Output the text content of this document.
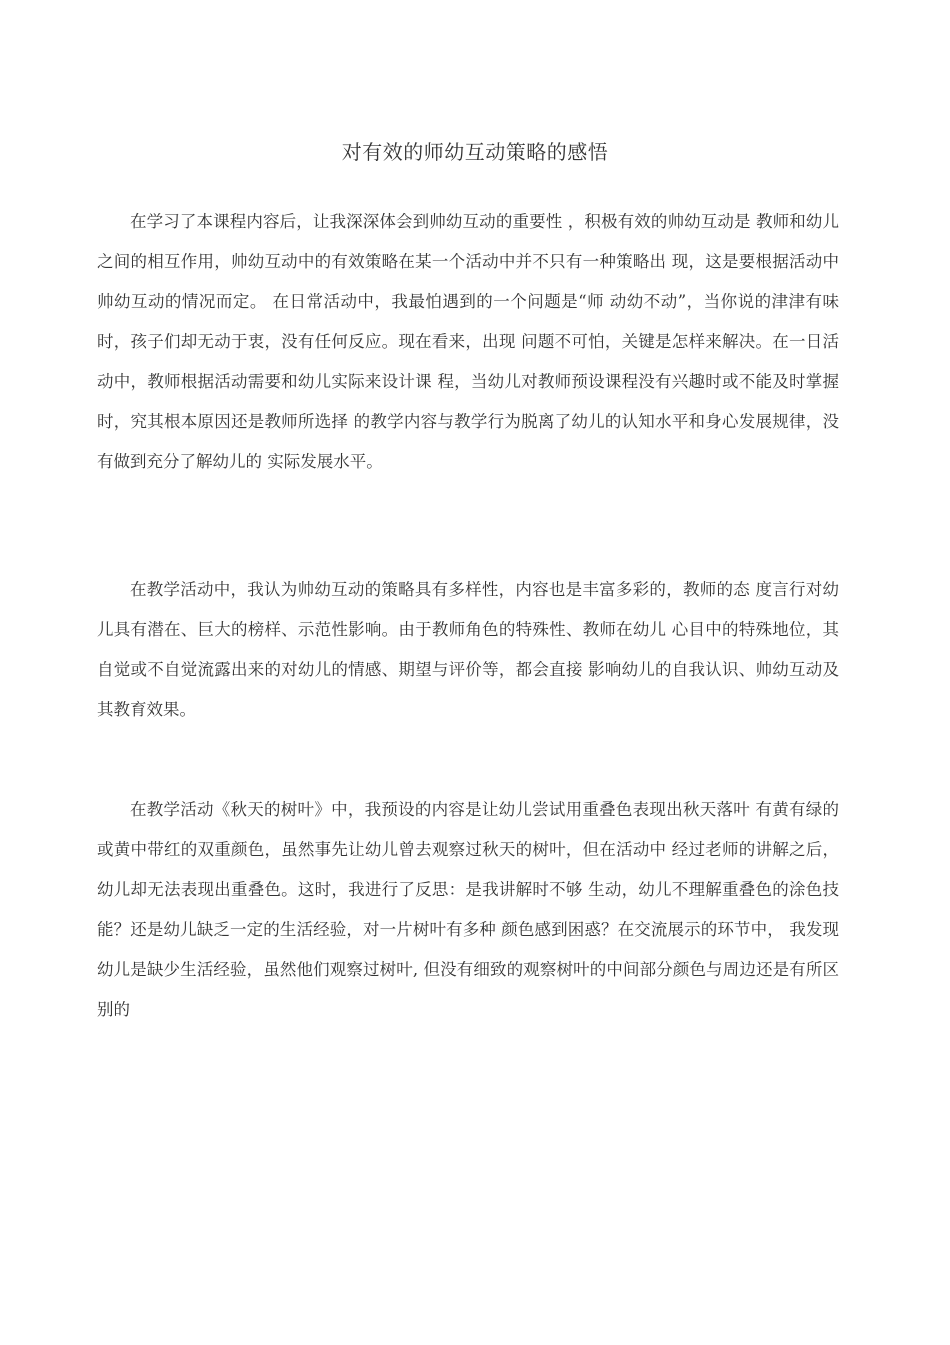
对有效的师幼互动策略的感悟

在学习了本课程内容后，让我深深体会到帅幼互动的重要性 ，积极有效的帅幼互动是 教师和幼儿之间的相互作用，帅幼互动中的有效策略在某一个活动中并不只有一种策略出 现，这是要根据活动中帅幼互动的情况而定。 在日常活动中，我最怕遇到的一个问题是“师 动幼不动”，当你说的津津有味时，孩子们却无动于衷，没有任何反应。现在看来，出现 问题不可怕，关键是怎样来解决。在一日活动中，教师根据活动需要和幼儿实际来设计课 程，当幼儿对教师预设课程没有兴趣时或不能及时掌握时，究其根本原因还是教师所选择 的教学内容与教学行为脱离了幼儿的认知水平和身心发展规律，没有做到充分了解幼儿的 实际发展水平。

在教学活动中，我认为帅幼互动的策略具有多样性，内容也是丰富多彩的，教师的态 度言行对幼儿具有潜在、巨大的榜样、示范性影响。由于教师角色的特殊性、教师在幼儿 心目中的特殊地位，其自觉或不自觉流露出来的对幼儿的情感、期望与评价等，都会直接 影响幼儿的自我认识、帅幼互动及其教育效果。

在教学活动《秋天的树叶》中，我预设的内容是让幼儿尝试用重叠色表现出秋天落叶 有黄有绿的或黄中带红的双重颜色，虽然事先让幼儿曾去观察过秋天的树叶，但在活动中 经过老师的讲解之后，幼儿却无法表现出重叠色。这时，我进行了反思：是我讲解时不够 生动，幼儿不理解重叠色的涂色技能？还是幼儿缺乏一定的生活经验，对一片树叶有多种 颜色感到困惑？在交流展示的环节中， 我发现幼儿是缺少生活经验，虽然他们观察过树叶, 但没有细致的观察树叶的中间部分颜色与周边还是有所区别的
